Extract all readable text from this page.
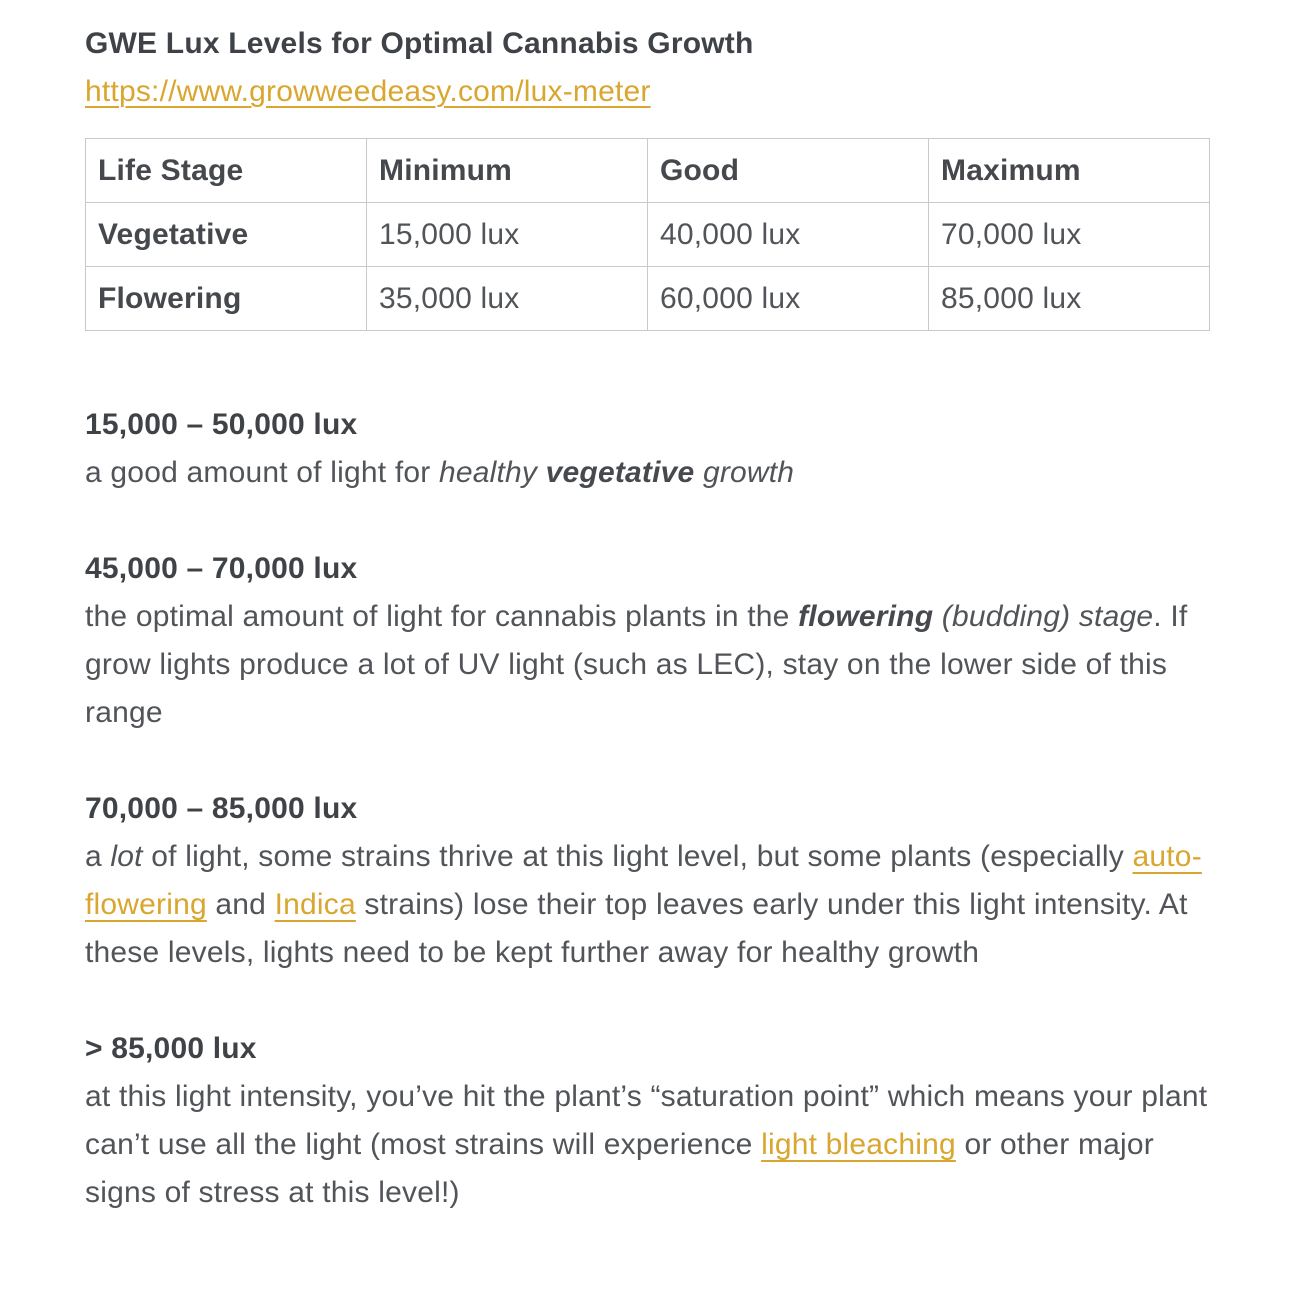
GWE Lux Levels for Optimal Cannabis Growth
https://www.growweedeasy.com/lux-meter
Life Stage	Minimum	Good	Maximum
Vegetative	15,000 lux	40,000 lux	70,000 lux
Flowering	35,000 lux	60,000 lux	85,000 lux

15,000 – 50,000 lux

a good amount of light for healthy vegetative growth

45,000 – 70,000 lux

the optimal amount of light for cannabis plants in the flowering (budding) stage. If grow lights produce a lot of UV light (such as LEC), stay on the lower side of this range

70,000 – 85,000 lux

a lot of light, some strains thrive at this light level, but some plants (especially auto-flowering and Indica strains) lose their top leaves early under this light intensity. At these levels, lights need to be kept further away for healthy growth

> 85,000 lux

at this light intensity, you’ve hit the plant’s “saturation point” which means your plant can’t use all the light (most strains will experience light bleaching or other major signs of stress at this level!)
